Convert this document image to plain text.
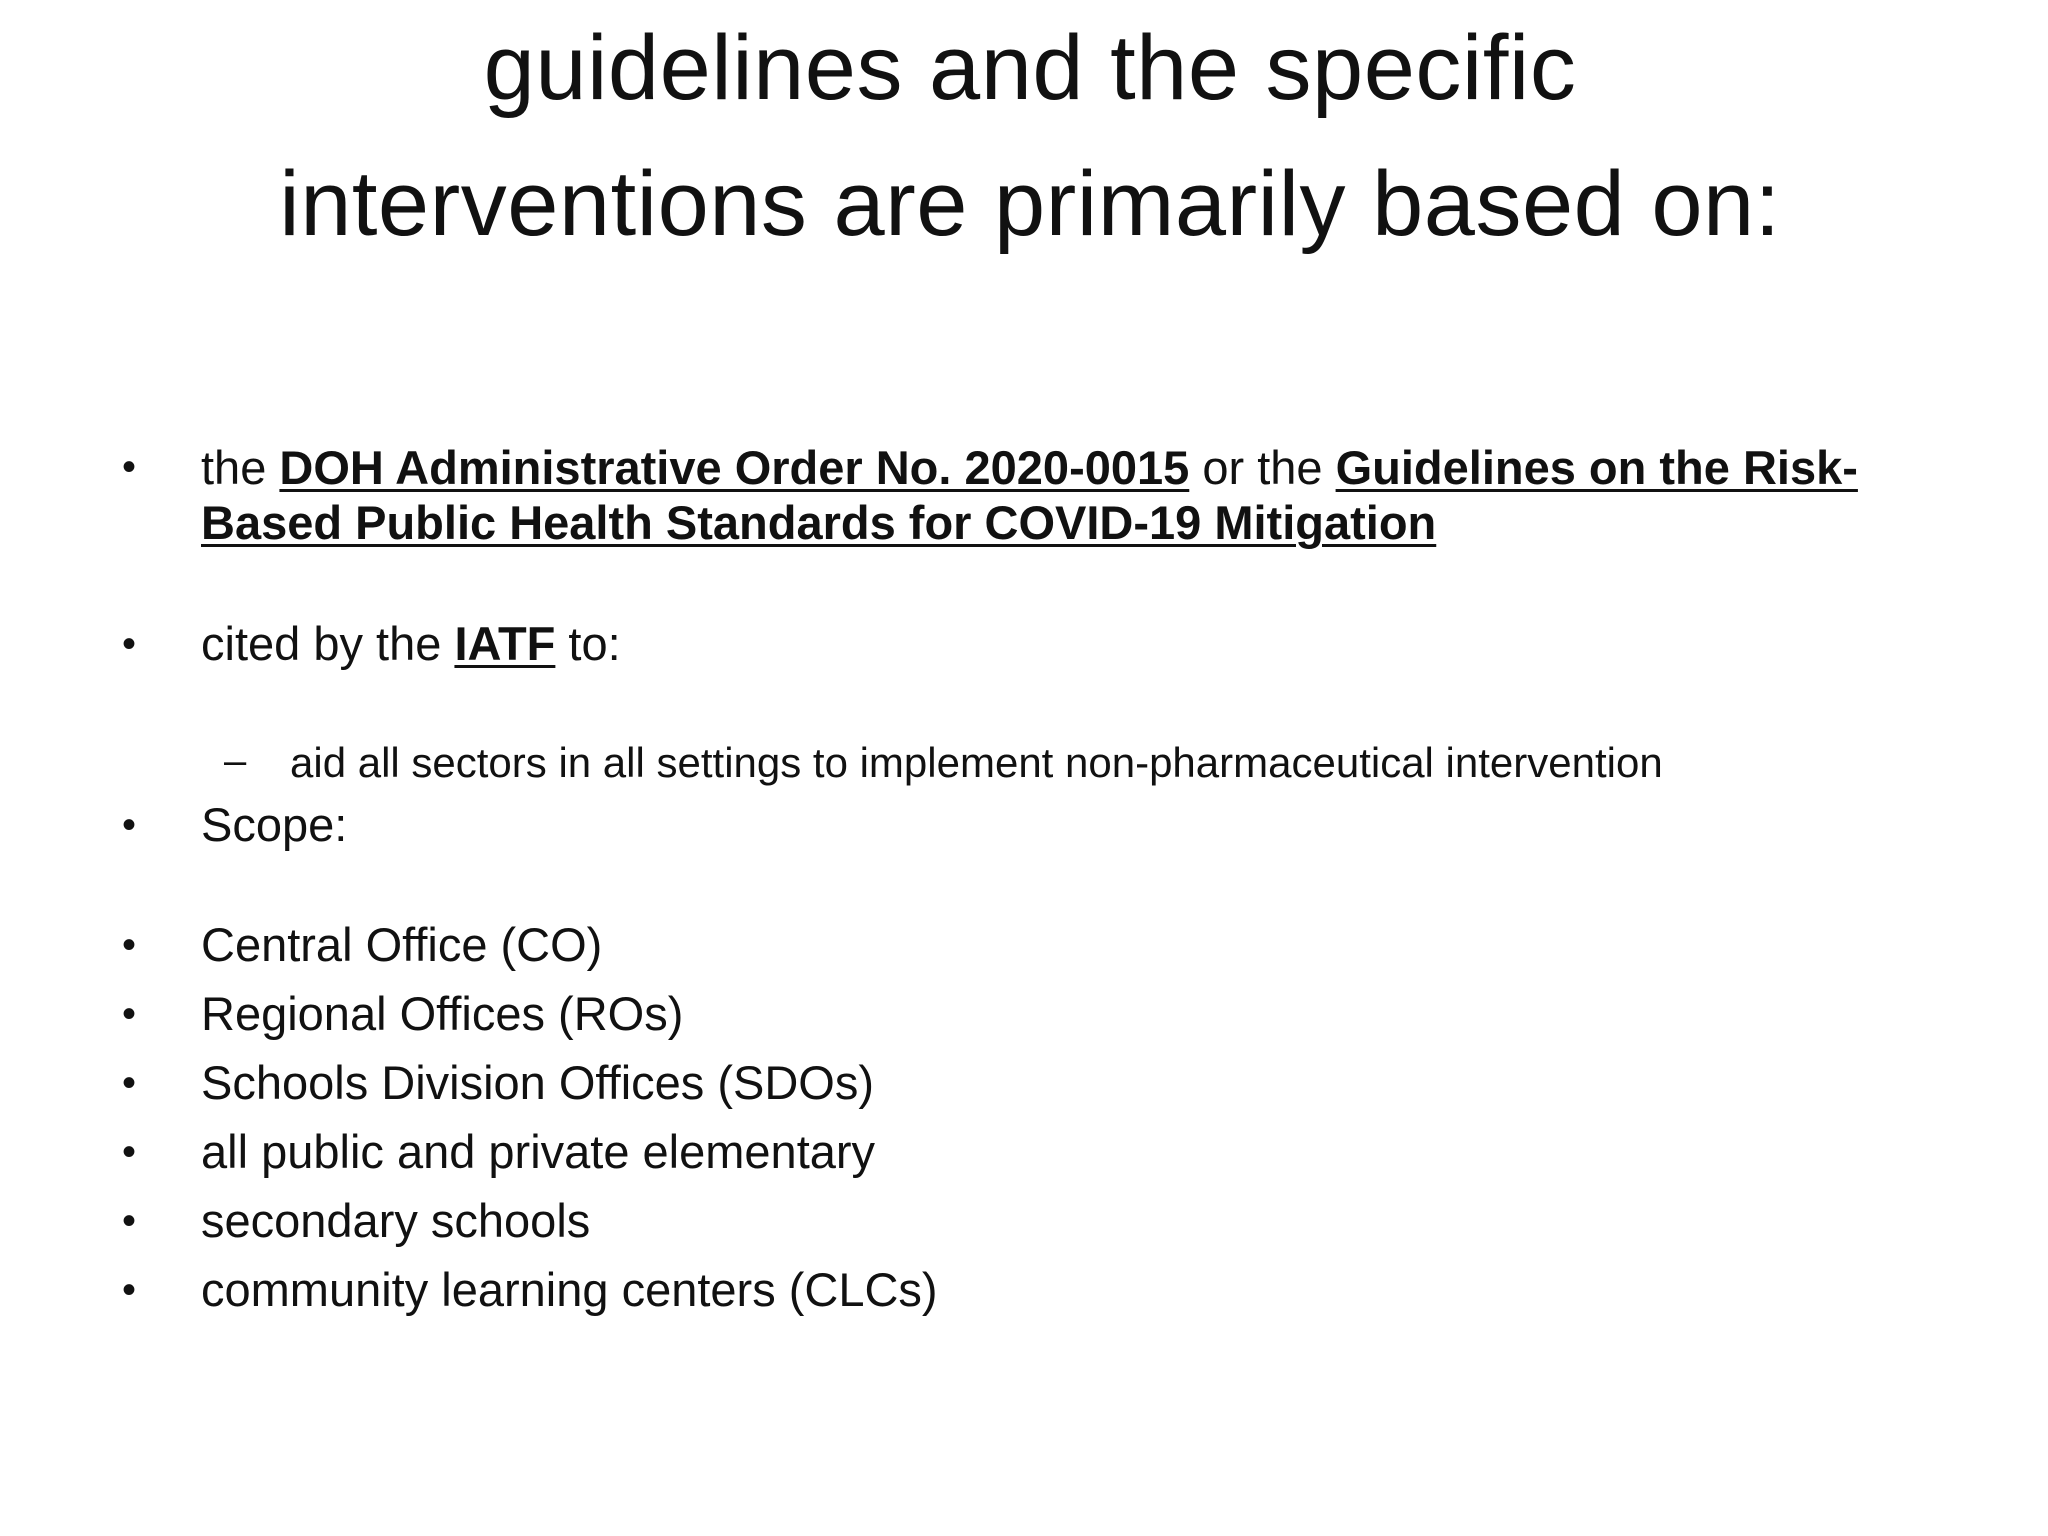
guidelines and the specific
interventions are primarily based on:
• the DOH Administrative Order No. 2020-0015 or the Guidelines on the Risk-Based Public Health Standards for COVID-19 Mitigation
• cited by the IATF to:
– aid all sectors in all settings to implement non-pharmaceutical intervention
• Scope:
• Central Office (CO)
• Regional Offices (ROs)
• Schools Division Offices (SDOs)
• all public and private elementary
• secondary schools
• community learning centers (CLCs)
